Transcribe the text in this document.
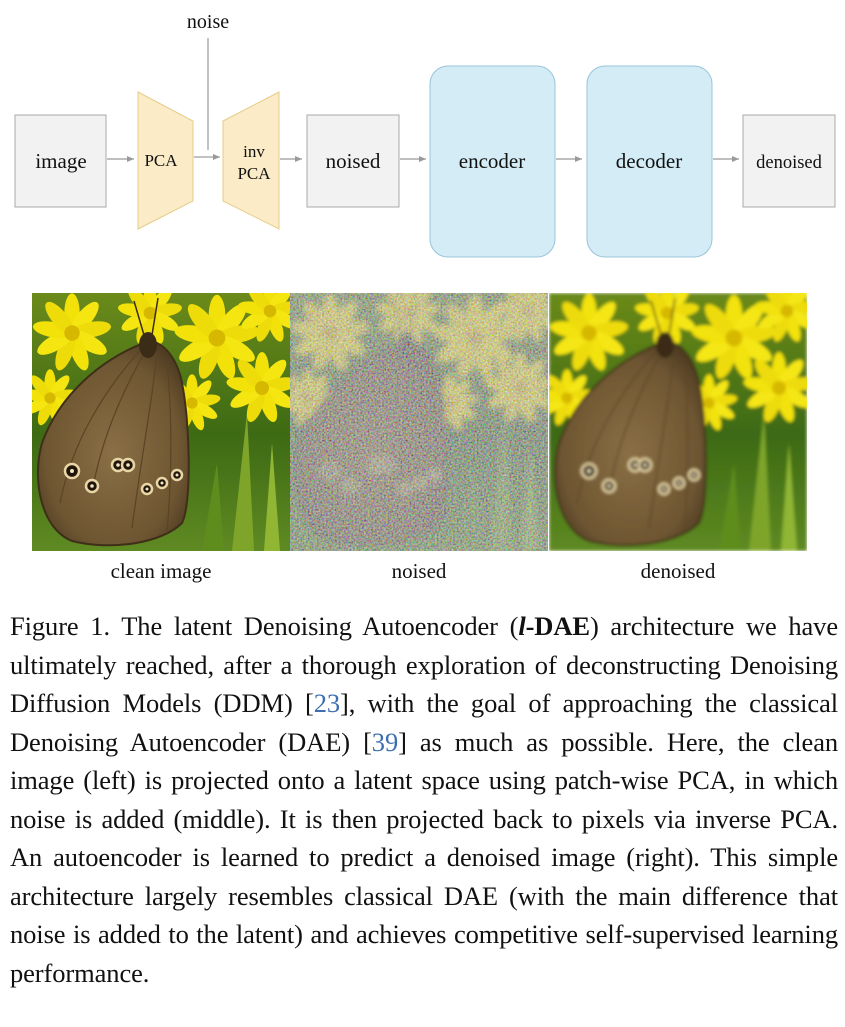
noise
image	PCA	inv
PCA
noised	encoder	decoder	denoised
clean image	noised	denoised
Figure 1. The latent Denoising Autoencoder (l-DAE) architecture we have ultimately reached, after a thorough exploration of deconstructing Denoising Diffusion Models (DDM) [23], with the goal of approaching the classical Denoising Autoencoder (DAE) [39] as much as possible. Here, the clean image (left) is projected onto a latent space using patch-wise PCA, in which noise is added (middle). It is then projected back to pixels via inverse PCA. An autoencoder is learned to predict a denoised image (right). This simple architecture largely resembles classical DAE (with the main difference that noise is added to the latent) and achieves competitive self-supervised learning performance.
